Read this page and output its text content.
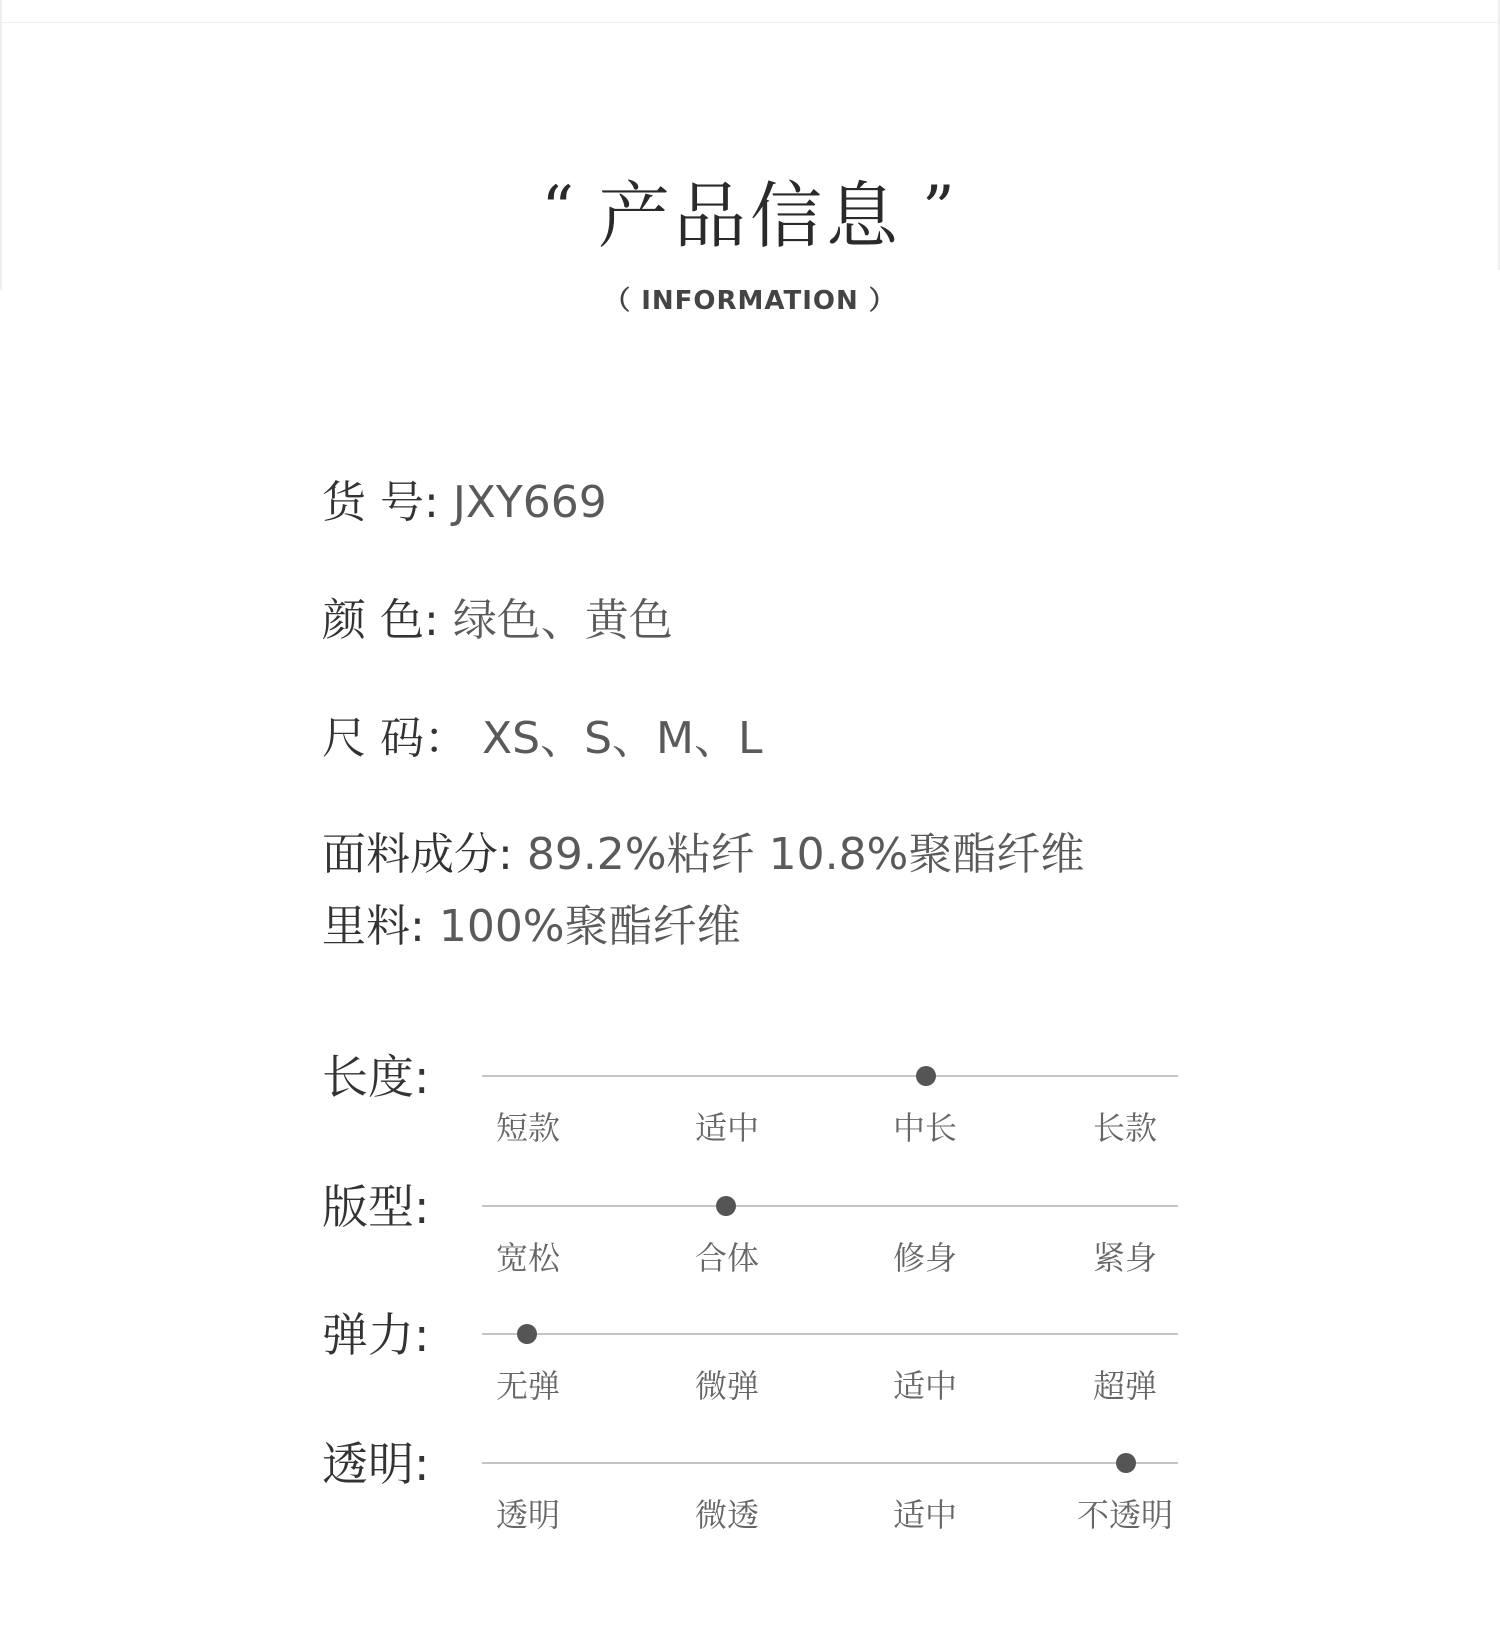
“ 产品信息 ”
（ INFORMATION ）
货 号: JXY669
颜 色: 绿色、黄色
尺 码： XS、S、M、L
面料成分: 89.2%粘纤 10.8%聚酯纤维
里料: 100%聚酯纤维
长度:
短款	适中	中长	长款
版型:
宽松	合体	修身	紧身
弹力:
无弹	微弹	适中	超弹
透明:
透明	微透	适中	不透明
